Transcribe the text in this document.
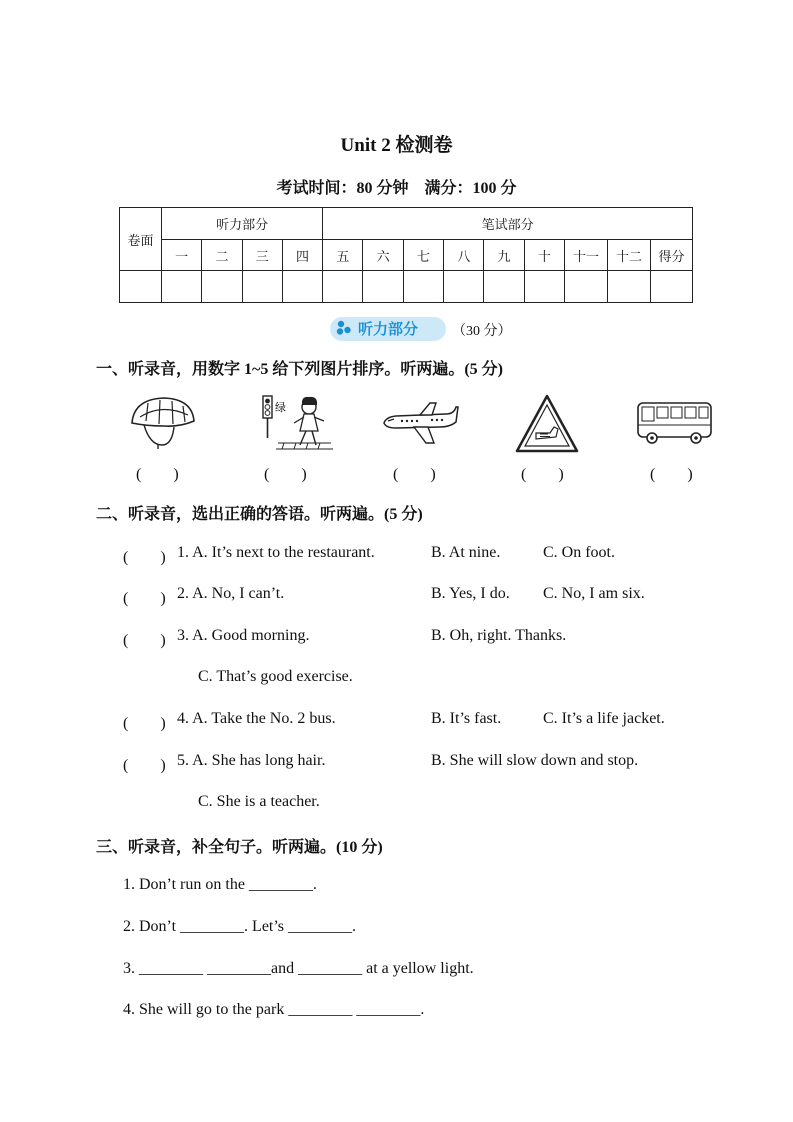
Unit 2 检测卷
考试时间：80 分钟　满分：100 分
卷面	听力部分				笔试部分								
	一	二	三	四	五	六	七	八	九	十	十一	十二	得分

听力部分 （30 分）
一、听录音，用数字 1~5 给下列图片排序。听两遍。(5 分)
绿
(　　)	(　　)	(　　)	(　　)	(　　)
二、听录音，选出正确的答语。听两遍。(5 分)
(　　) 1. A. It’s next to the restaurant.	B. At nine.	C. On foot.
(　　) 2. A. No, I can’t.	B. Yes, I do. C. No, I am six.
(　　) 3. A. Good morning.	B. Oh, right. Thanks.
C. That’s good exercise.
(　　) 4. A. Take the No. 2 bus.	B. It’s fast.	C. It’s a life jacket.
(　　) 5. A. She has long hair.	B. She will slow down and stop.
C. She is a teacher.
三、听录音，补全句子。听两遍。(10 分)
1. Don’t run on the ________.
2. Don’t ________. Let’s ________.
3. ________ ________and ________ at a yellow light.
4. She will go to the park ________ ________.
